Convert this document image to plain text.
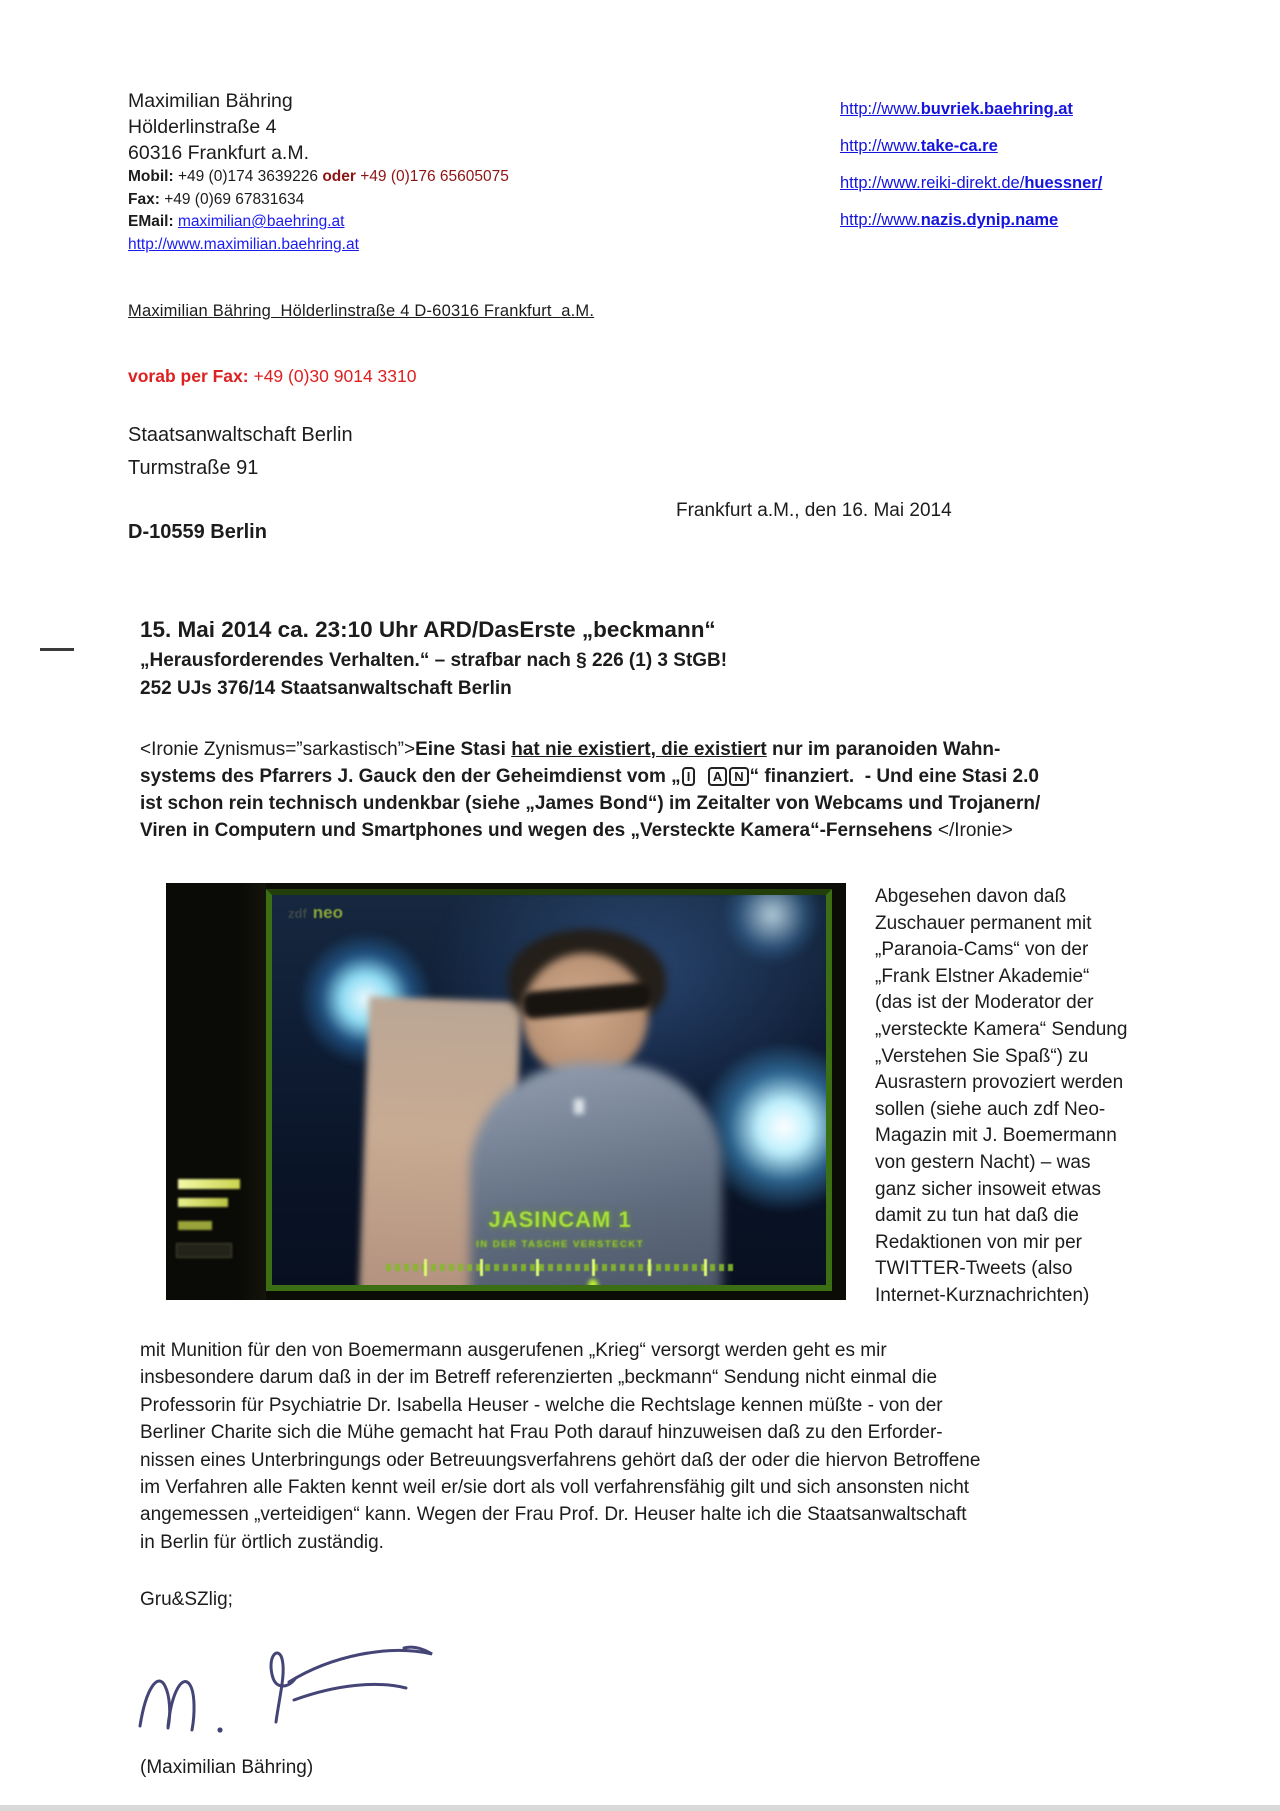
Maximilian Bähring
Hölderlinstraße 4
60316 Frankfurt a.M.
Mobil: +49 (0)174 3639226 oder +49 (0)176 65605075
Fax: +49 (0)69 67831634
EMail: maximilian@baehring.at
http://www.maximilian.baehring.at
http://www.buvriek.baehring.at
http://www.take-ca.re
http://www.reiki-direkt.de/huessner/
http://www.nazis.dynip.name
Maximilian Bähring  Hölderlinstraße 4 D-60316 Frankfurt  a.M.
vorab per Fax: +49 (0)30 9014 3310
Staatsanwaltschaft Berlin
Turmstraße 91
Frankfurt a.M., den 16. Mai 2014
D-10559 Berlin
15. Mai 2014 ca. 23:10 Uhr ARD/DasErste „beckmann“
„Herausforderendes Verhalten.“ – strafbar nach § 226 (1) 3 StGB!
252 UJs 376/14 Staatsanwaltschaft Berlin
<Ironie Zynismus=”sarkastisch”>Eine Stasi hat nie existiert, die existiert nur im paranoiden Wahn-
systems des Pfarrers J. Gauck den der Geheimdienst vom „ I A N “ finanziert.  - Und eine Stasi 2.0
ist schon rein technisch undenkbar (siehe „James Bond“) im Zeitalter von Webcams und Trojanern/
Viren in Computern und Smartphones und wegen des „Versteckte Kamera“-Fernsehens </Ironie>
zdf neo
JASINCAM 1
IN DER TASCHE VERSTECKT
Abgesehen davon daß
Zuschauer permanent mit
„Paranoia-Cams“ von der
„Frank Elstner Akademie“
(das ist der Moderator der
„versteckte Kamera“ Sendung
„Verstehen Sie Spaß“) zu
Ausrastern provoziert werden
sollen (siehe auch zdf Neo-
Magazin mit J. Boemermann
von gestern Nacht) – was
ganz sicher insoweit etwas
damit zu tun hat daß die
Redaktionen von mir per
TWITTER-Tweets (also
Internet-Kurznachrichten)
mit Munition für den von Boemermann ausgerufenen „Krieg“ versorgt werden geht es mir
insbesondere darum daß in der im Betreff referenzierten „beckmann“ Sendung nicht einmal die
Professorin für Psychiatrie Dr. Isabella Heuser - welche die Rechtslage kennen müßte - von der
Berliner Charite sich die Mühe gemacht hat Frau Poth darauf hinzuweisen daß zu den Erforder-
nissen eines Unterbringungs oder Betreuungsverfahrens gehört daß der oder die hiervon Betroffene
im Verfahren alle Fakten kennt weil er/sie dort als voll verfahrensfähig gilt und sich ansonsten nicht
angemessen „verteidigen“ kann. Wegen der Frau Prof. Dr. Heuser halte ich die Staatsanwaltschaft
in Berlin für örtlich zuständig.
Gru&SZlig;
(Maximilian Bähring)
